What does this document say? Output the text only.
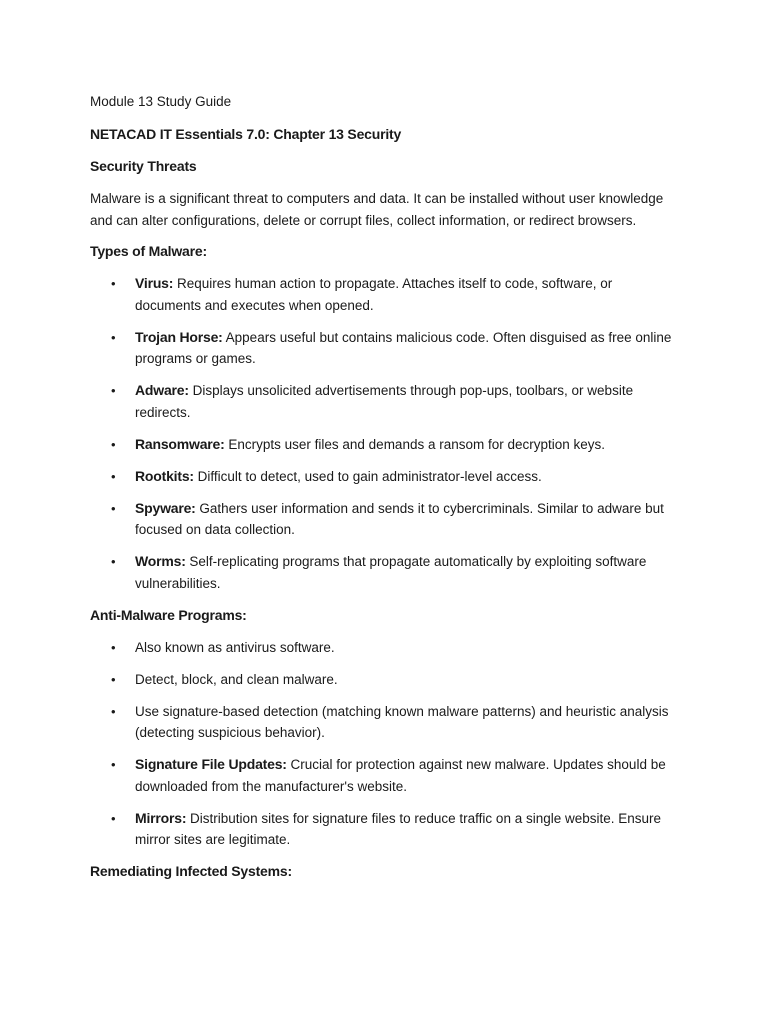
Module 13 Study Guide

NETACAD IT Essentials 7.0: Chapter 13 Security

Security Threats

Malware is a significant threat to computers and data. It can be installed without user knowledge and can alter configurations, delete or corrupt files, collect information, or redirect browsers.

Types of Malware:

• Virus: Requires human action to propagate. Attaches itself to code, software, or documents and executes when opened.
• Trojan Horse: Appears useful but contains malicious code. Often disguised as free online programs or games.
• Adware: Displays unsolicited advertisements through pop-ups, toolbars, or website redirects.
• Ransomware: Encrypts user files and demands a ransom for decryption keys.
• Rootkits: Difficult to detect, used to gain administrator-level access.
• Spyware: Gathers user information and sends it to cybercriminals. Similar to adware but focused on data collection.
• Worms: Self-replicating programs that propagate automatically by exploiting software vulnerabilities.

Anti-Malware Programs:

• Also known as antivirus software.
• Detect, block, and clean malware.
• Use signature-based detection (matching known malware patterns) and heuristic analysis (detecting suspicious behavior).
• Signature File Updates: Crucial for protection against new malware. Updates should be downloaded from the manufacturer's website.
• Mirrors: Distribution sites for signature files to reduce traffic on a single website. Ensure mirror sites are legitimate.

Remediating Infected Systems:
